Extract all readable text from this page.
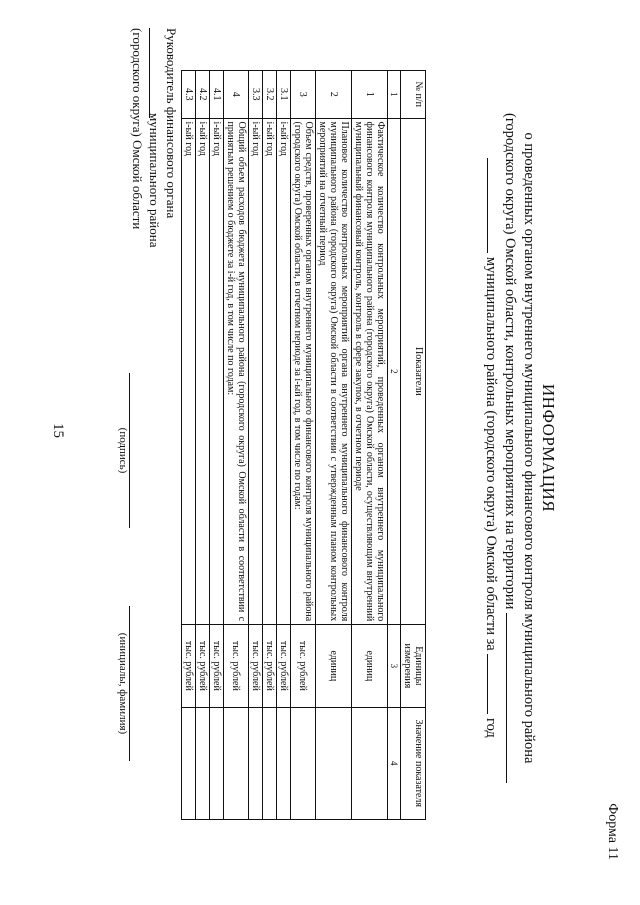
15
Форма 11
ИНФОРМАЦИЯ
о проведенных органом внутреннего муниципального финансового контроля муниципального района
(городского округа) Омской области, контрольных мероприятиях на территории
муниципального района (городского округа) Омской области за  год
№ п/п	Показатели	Единицы измерения	Значение показателя
1	2	3	4
1	Фактическое количество контрольных мероприятий, проведенных органом внутреннего муниципального финансового контроля муниципального района (городского округа) Омской области, осуществляющим внутренний муниципальный финансовый контроль, контроль в сфере закупок, в отчетном периоде	единиц	
2	Плановое количество контрольных мероприятий органа внутреннего муниципального финансового контроля муниципального района (городского округа) Омской области в соответствии с утвержденным планом контрольных мероприятий на отчетный период	единиц	
3	Объем средств, проверенных органом внутреннего муниципального финансового контроля муниципального района (городского округа) Омской области, в отчетном периоде за i-ый год, в том числе по годам:	тыс. рублей	
3.1	i-ый год	тыс. рублей	
3.2	i-ый год	тыс. рублей	
3.3	i-ый год	тыс. рублей	
4	Общий объем расходов бюджета муниципального района (городского округа) Омской области в соответствии с принятым решением о бюджете за i-й год, в том числе по годам:	тыс. рублей	
4.1	i-ый год	тыс. рублей	
4.2	i-ый год	тыс. рублей	
4.3	i-ый год	тыс. рублей	
Руководитель финансового органа
муниципального района
(городского округа) Омской области
(подпись)
(инициалы, фамилия)
